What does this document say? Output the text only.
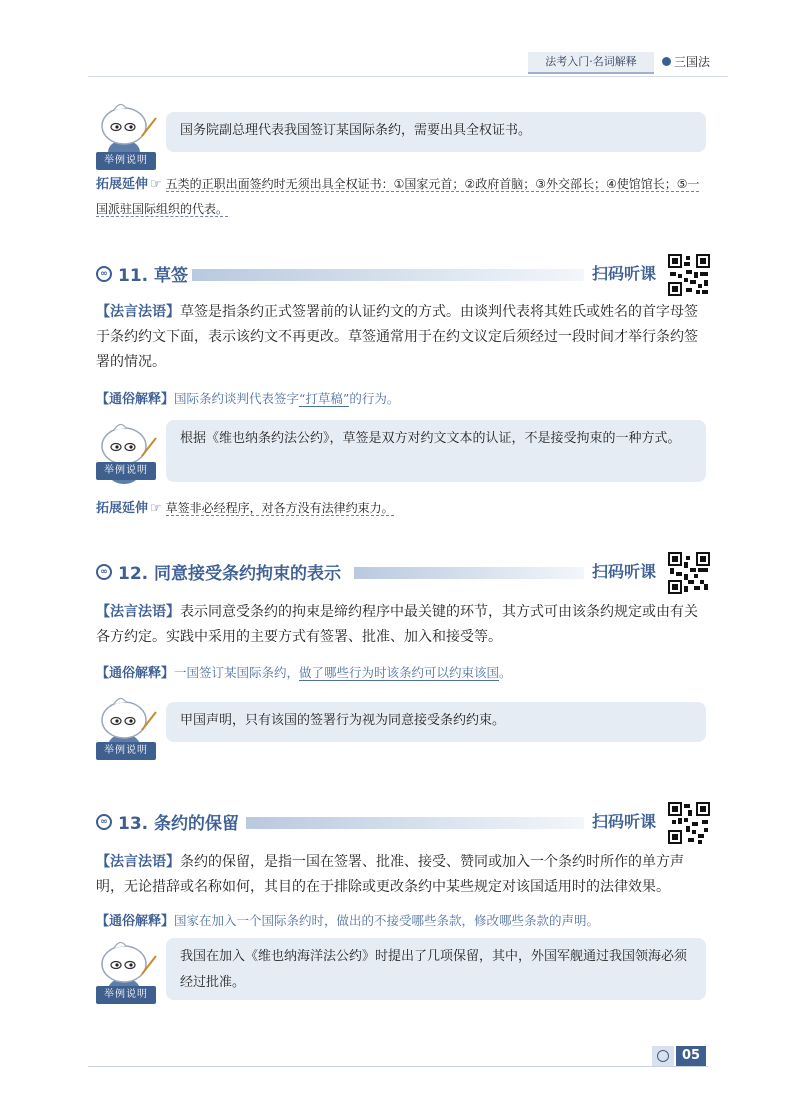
法考入门·名词解释	三国法
举例说明
国务院副总理代表我国签订某国际条约，需要出具全权证书。
拓展延伸 ☞ 五类的正职出面签约时无须出具全权证书：①国家元首；②政府首脑；③外交部长；④使馆馆长；⑤一国派驻国际组织的代表。
∞ 11. 草签	扫码听课
【法言法语】草签是指条约正式签署前的认证约文的方式。由谈判代表将其姓氏或姓名的首字母签于条约约文下面，表示该约文不再更改。草签通常用于在约文议定后须经过一段时间才举行条约签署的情况。
【通俗解释】国际条约谈判代表签字“打草稿”的行为。
举例说明
根据《维也纳条约法公约》，草签是双方对约文文本的认证，不是接受拘束的一种方式。
拓展延伸 ☞ 草签非必经程序，对各方没有法律约束力。
∞ 12. 同意接受条约拘束的表示	扫码听课
【法言法语】表示同意受条约的拘束是缔约程序中最关键的环节，其方式可由该条约规定或由有关各方约定。实践中采用的主要方式有签署、批准、加入和接受等。
【通俗解释】一国签订某国际条约，做了哪些行为时该条约可以约束该国。
举例说明
甲国声明，只有该国的签署行为视为同意接受条约约束。
∞ 13. 条约的保留	扫码听课
【法言法语】条约的保留，是指一国在签署、批准、接受、赞同或加入一个条约时所作的单方声明，无论措辞或名称如何，其目的在于排除或更改条约中某些规定对该国适用时的法律效果。
【通俗解释】国家在加入一个国际条约时，做出的不接受哪些条款，修改哪些条款的声明。
举例说明
我国在加入《维也纳海洋法公约》时提出了几项保留，其中，外国军舰通过我国领海必须经过批准。
05
